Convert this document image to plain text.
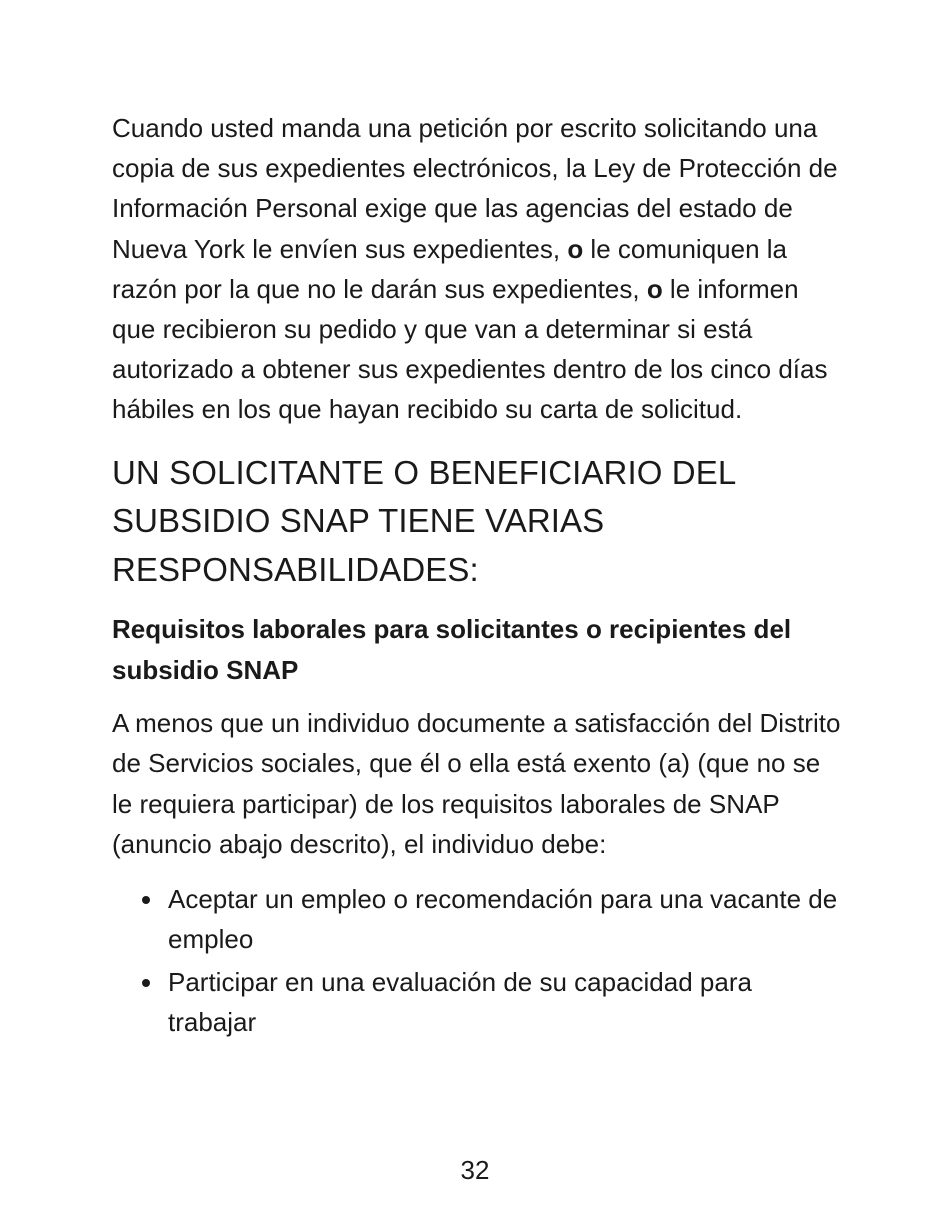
Cuando usted manda una petición por escrito solicitando una copia de sus expedientes electrónicos, la Ley de Protección de Información Personal exige que las agencias del estado de Nueva York le envíen sus expedientes, o le comuniquen la razón por la que no le darán sus expedientes, o le informen que recibieron su pedido y que van a determinar si está autorizado a obtener sus expedientes dentro de los cinco días hábiles en los que hayan recibido su carta de solicitud.

UN SOLICITANTE O BENEFICIARIO DEL SUBSIDIO SNAP TIENE VARIAS RESPONSABILIDADES:
Requisitos laborales para solicitantes o recipientes del subsidio SNAP

A menos que un individuo documente a satisfacción del Distrito de Servicios sociales, que él o ella está exento (a) (que no se le requiera participar) de los requisitos laborales de SNAP (anuncio abajo descrito), el individuo debe:

Aceptar un empleo o recomendación para una vacante de empleo
Participar en una evaluación de su capacidad para trabajar
32
